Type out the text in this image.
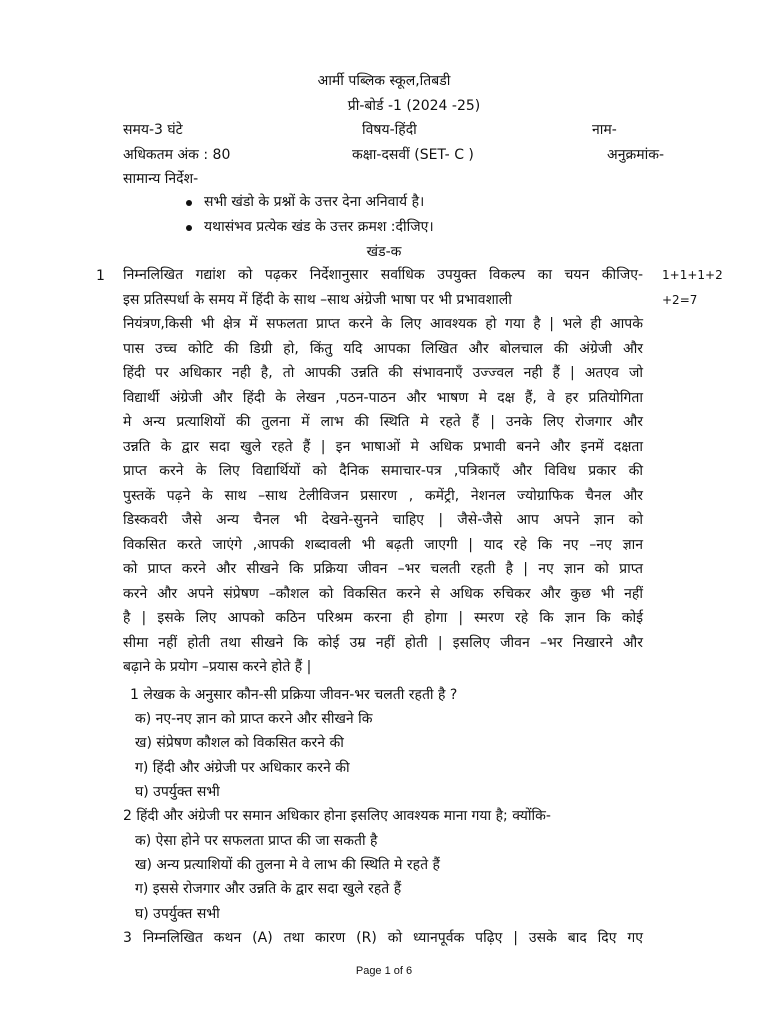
आर्मी पब्लिक स्कूल,तिबडी
प्री-बोर्ड -1 (2024 -25)
समय-3 घंटे	विषय-हिंदी	नाम-
अधिकतम अंक : 80	कक्षा-दसवीं (SET- C )	अनुक्रमांक-
सामान्य निर्देश-
सभी खंडो के प्रश्नों के उत्तर देना अनिवार्य है।
यथासंभव प्रत्येक खंड के उत्तर क्रमश :दीजिए।
खंड-क
1	1+1+1+2
+2=7
निम्नलिखित गद्यांश को पढ़कर निर्देशानुसार सर्वाधिक उपयुक्त विकल्प का चयन कीजिए-
इस प्रतिस्पर्धा के समय में हिंदी के साथ –साथ अंग्रेजी भाषा पर भी प्रभावशाली
नियंत्रण,किसी भी क्षेत्र में सफलता प्राप्त करने के लिए आवश्यक हो गया है | भले ही आपके
पास उच्च कोटि की डिग्री हो, किंतु यदि आपका लिखित और बोलचाल की अंग्रेजी और
हिंदी पर अधिकार नही है, तो आपकी उन्नति की संभावनाएँ उज्ज्वल नही हैं | अतएव जो
विद्यार्थी अंग्रेजी और हिंदी के लेखन ,पठन-पाठन और भाषण मे दक्ष हैं, वे हर प्रतियोगिता
मे अन्य प्रत्याशियों की तुलना में लाभ की स्थिति मे रहते हैं | उनके लिए रोजगार और
उन्नति के द्वार सदा खुले रहते हैं | इन भाषाओं मे अधिक प्रभावी बनने और इनमें दक्षता
प्राप्त करने के लिए विद्यार्थियों को दैनिक समाचार-पत्र ,पत्रिकाएँ और विविध प्रकार की
पुस्तकें पढ़ने के साथ –साथ टेलीविजन प्रसारण , कमेंट्री, नेशनल ज्योग्राफिक चैनल और
डिस्कवरी जैसे अन्य चैनल भी देखने-सुनने चाहिए | जैसे-जैसे आप अपने ज्ञान को
विकसित करते जाएंगे ,आपकी शब्दावली भी बढ़ती जाएगी | याद रहे कि नए –नए ज्ञान
को प्राप्त करने और सीखने कि प्रक्रिया जीवन –भर चलती रहती है | नए ज्ञान को प्राप्त
करने और अपने संप्रेषण –कौशल को विकसित करने से अधिक रुचिकर और कुछ भी नहीं
है | इसके लिए आपको कठिन परिश्रम करना ही होगा | स्मरण रहे कि ज्ञान कि कोई
सीमा नहीं होती तथा सीखने कि कोई उम्र नहीं होती | इसलिए जीवन –भर निखारने और
बढ़ाने के प्रयोग –प्रयास करने होते हैं |
1 लेखक के अनुसार कौन-सी प्रक्रिया जीवन-भर चलती रहती है ?
क) नए-नए ज्ञान को प्राप्त करने और सीखने कि
ख) संप्रेषण कौशल को विकसित करने की
ग) हिंदी और अंग्रेजी पर अधिकार करने की
घ) उपर्युक्त सभी
2 हिंदी और अंग्रेजी पर समान अधिकार होना इसलिए आवश्यक माना गया है; क्योंकि-
क) ऐसा होने पर सफलता प्राप्त की जा सकती है
ख) अन्य प्रत्याशियों की तुलना मे वे लाभ की स्थिति मे रहते हैं
ग) इससे रोजगार और उन्नति के द्वार सदा खुले रहते हैं
घ) उपर्युक्त सभी
3 निम्नलिखित कथन (A) तथा कारण (R) को ध्यानपूर्वक पढ़िए | उसके बाद दिए गए
Page 1 of 6
